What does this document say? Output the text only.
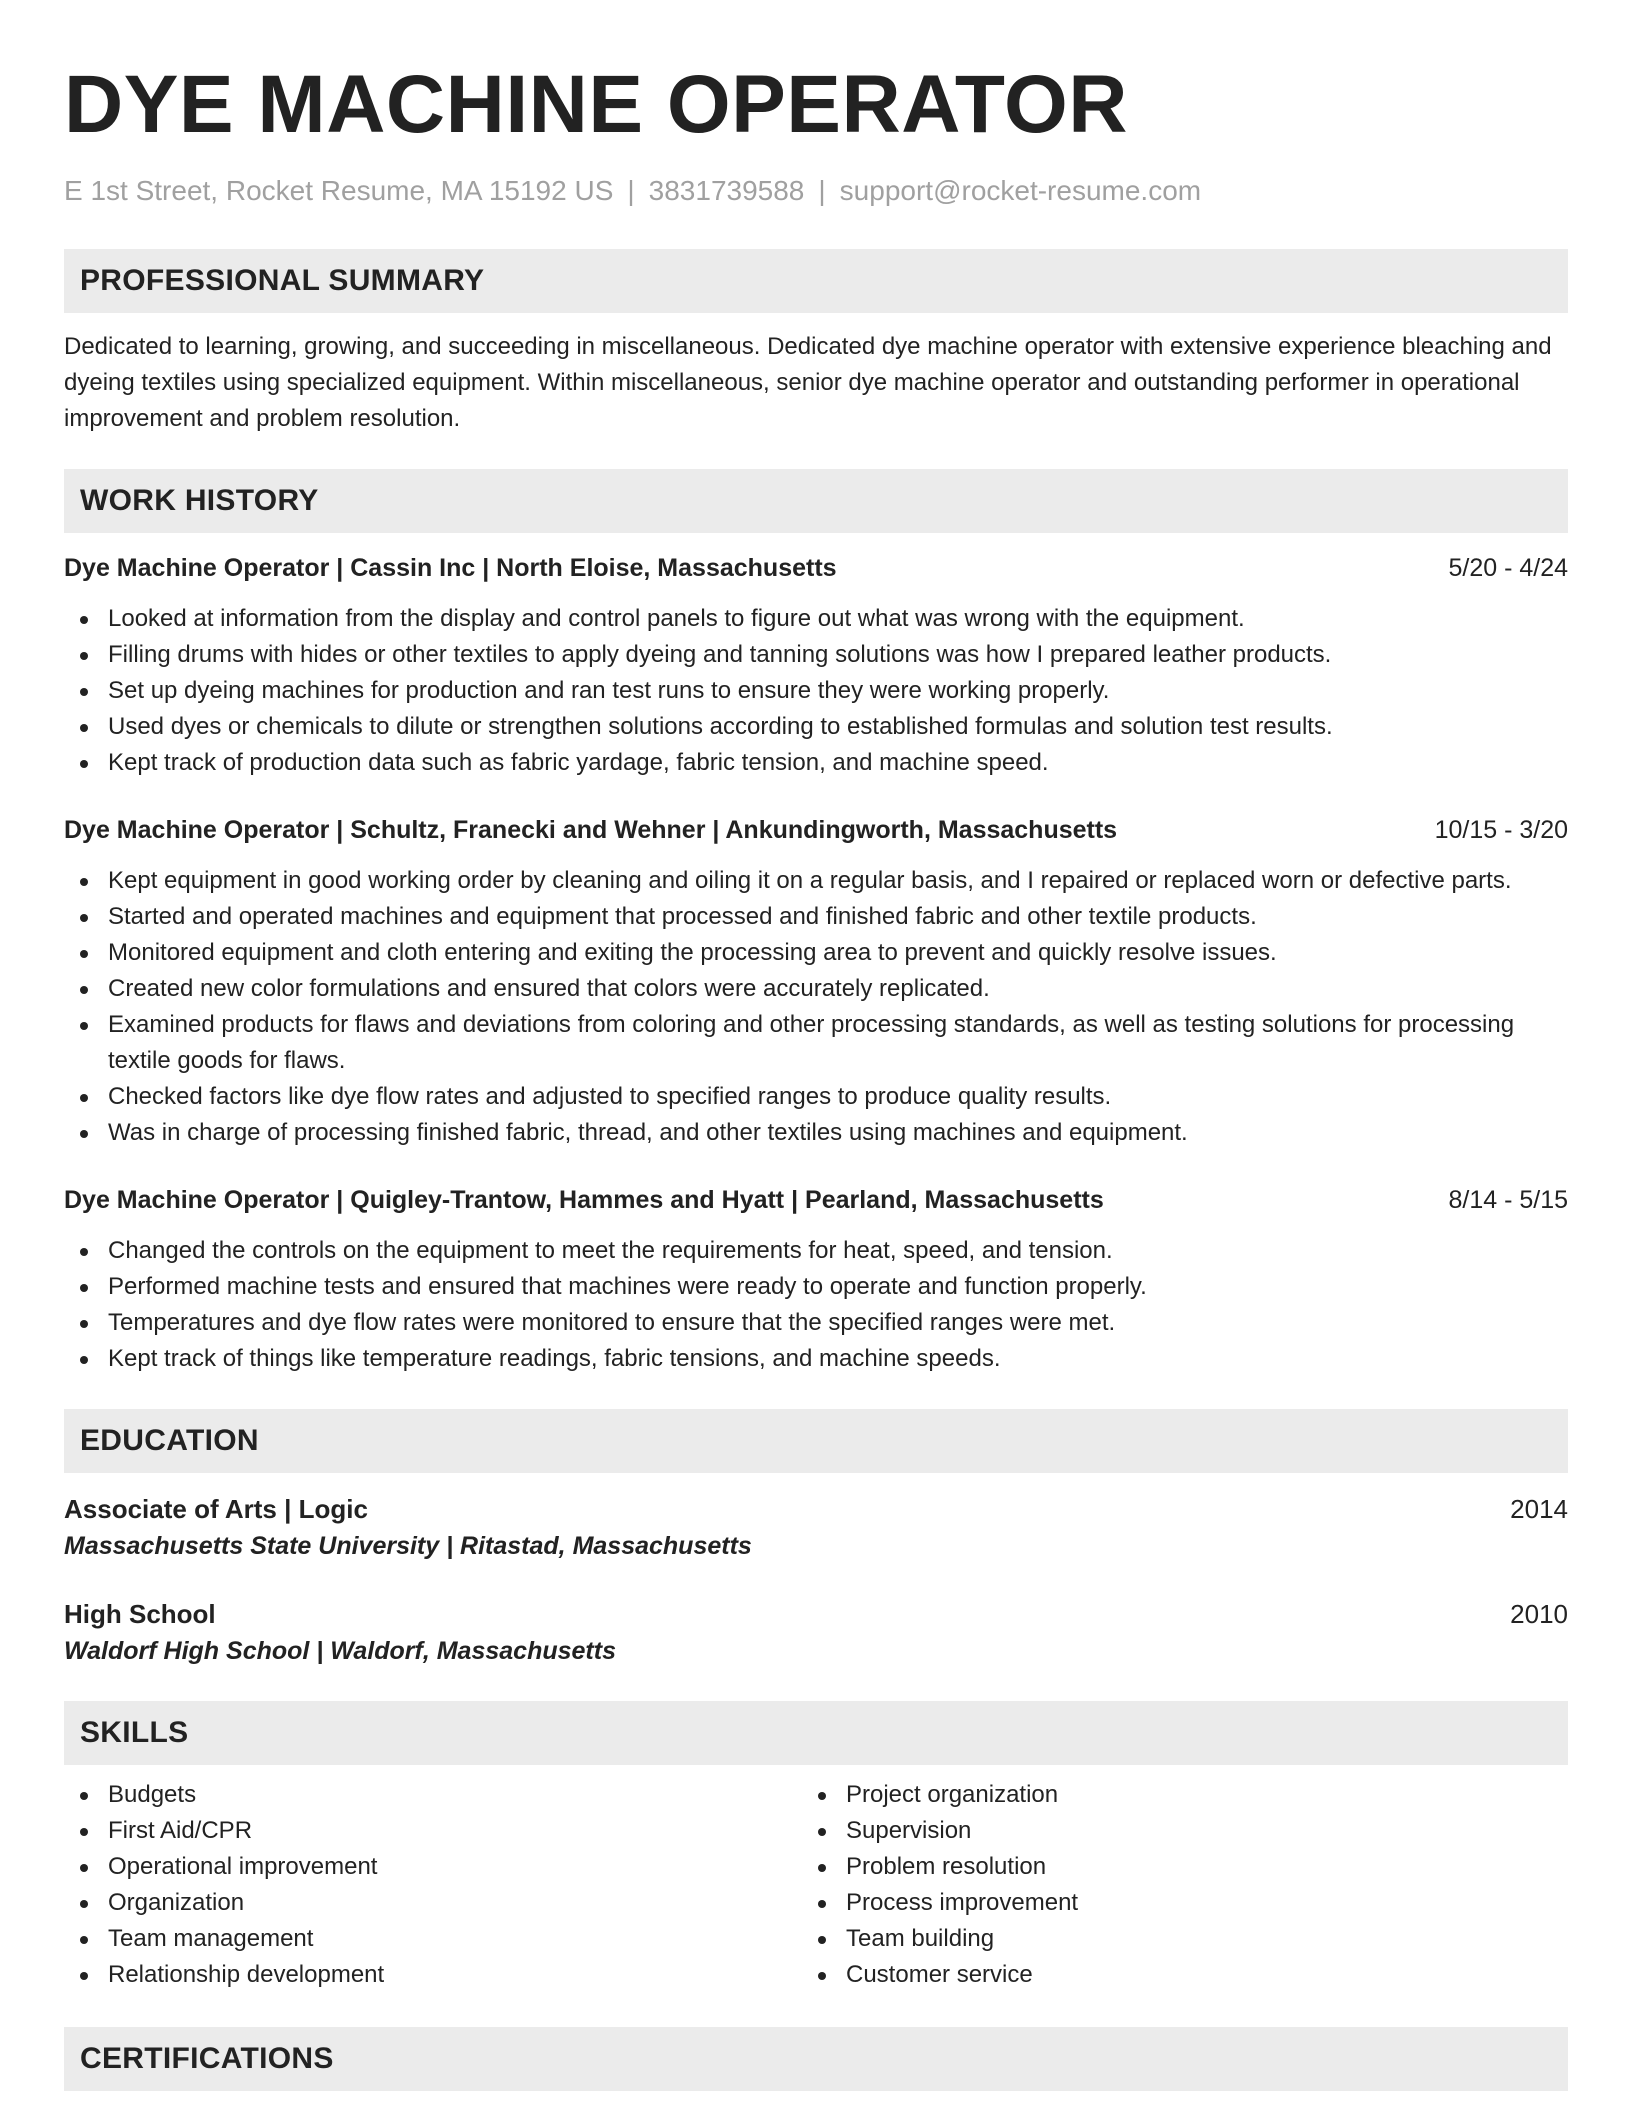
DYE MACHINE OPERATOR
E 1st Street, Rocket Resume, MA 15192 US | 3831739588 | support@rocket-resume.com
PROFESSIONAL SUMMARY
Dedicated to learning, growing, and succeeding in miscellaneous. Dedicated dye machine operator with extensive experience bleaching and dyeing textiles using specialized equipment. Within miscellaneous, senior dye machine operator and outstanding performer in operational improvement and problem resolution.
WORK HISTORY
Dye Machine Operator | Cassin Inc | North Eloise, Massachusetts	5/20 - 4/24
Looked at information from the display and control panels to figure out what was wrong with the equipment.
Filling drums with hides or other textiles to apply dyeing and tanning solutions was how I prepared leather products.
Set up dyeing machines for production and ran test runs to ensure they were working properly.
Used dyes or chemicals to dilute or strengthen solutions according to established formulas and solution test results.
Kept track of production data such as fabric yardage, fabric tension, and machine speed.
Dye Machine Operator | Schultz, Franecki and Wehner | Ankundingworth, Massachusetts	10/15 - 3/20
Kept equipment in good working order by cleaning and oiling it on a regular basis, and I repaired or replaced worn or defective parts.
Started and operated machines and equipment that processed and finished fabric and other textile products.
Monitored equipment and cloth entering and exiting the processing area to prevent and quickly resolve issues.
Created new color formulations and ensured that colors were accurately replicated.
Examined products for flaws and deviations from coloring and other processing standards, as well as testing solutions for processing textile goods for flaws.
Checked factors like dye flow rates and adjusted to specified ranges to produce quality results.
Was in charge of processing finished fabric, thread, and other textiles using machines and equipment.
Dye Machine Operator | Quigley-Trantow, Hammes and Hyatt | Pearland, Massachusetts	8/14 - 5/15
Changed the controls on the equipment to meet the requirements for heat, speed, and tension.
Performed machine tests and ensured that machines were ready to operate and function properly.
Temperatures and dye flow rates were monitored to ensure that the specified ranges were met.
Kept track of things like temperature readings, fabric tensions, and machine speeds.
EDUCATION
Associate of Arts | Logic	2014
Massachusetts State University | Ritastad, Massachusetts
High School	2010
Waldorf High School | Waldorf, Massachusetts
SKILLS
Budgets
First Aid/CPR
Operational improvement
Organization
Team management
Relationship development
Project organization
Supervision
Problem resolution
Process improvement
Team building
Customer service
CERTIFICATIONS
